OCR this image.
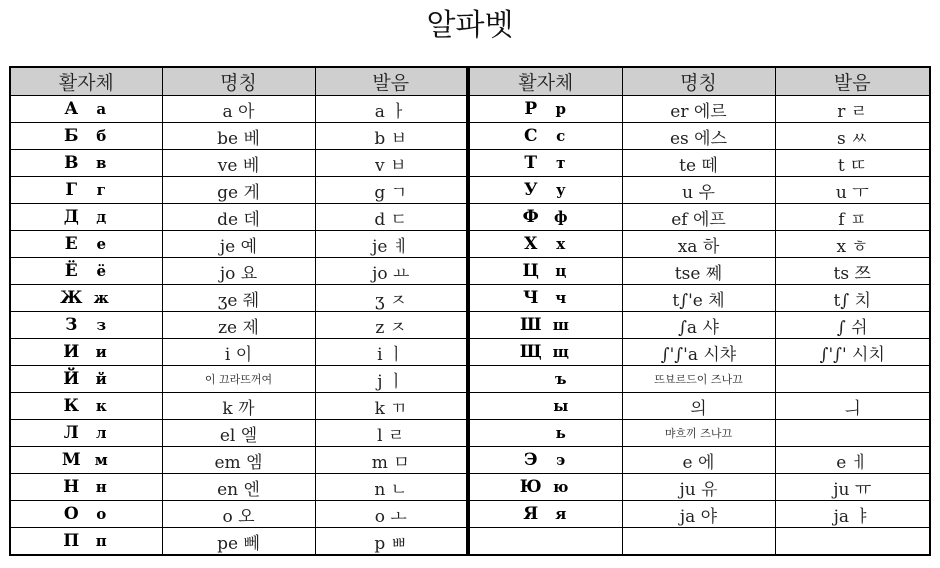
알파벳
활자체	명칭	발음	활자체	명칭	발음
А а	a 아	a ㅏ	Р р	er 에르	r ㄹ
Б б	be 베	b ㅂ	С с	es 에스	s ㅆ
В в	ve 베	v ㅂ	Т т	te 떼	t ㄸ
Г г	ge 게	g ㄱ	У у	u 우	u ㅜ
Д д	de 데	d ㄷ	Ф ф	ef 에프	f ㅍ
Е е	je 예	je ㅖ	Х х	xa 하	x ㅎ
Ё ё	jo 요	jo ㅛ	Ц ц	tse 쩨	ts 쯔
Ж ж	ʒe 줴	ʒ ㅈ	Ч ч	t∫'e 체	t∫ 치
З з	ze 제	z ㅈ	Ш ш	∫a 샤	∫ 쉬
И и	i 이	i ㅣ	Щ щ	∫'∫'a 시챠	∫'∫' 시치
Й й	이 끄라뜨꺼여	j ㅣ	ъ	뜨뵤르드이 즈나끄	
К к	k 까	k ㄲ	ы	의	ㅢ
Л л	el 엘	l ㄹ	ь	먀흐끼 즈나끄	
М м	em 엠	m ㅁ	Э э	e 에	e ㅔ
Н н	en 엔	n ㄴ	Ю ю	ju 유	ju ㅠ
О о	o 오	o ㅗ	Я я	ja 야	ja ㅑ
П п	pe 뻬	p ㅃ			
